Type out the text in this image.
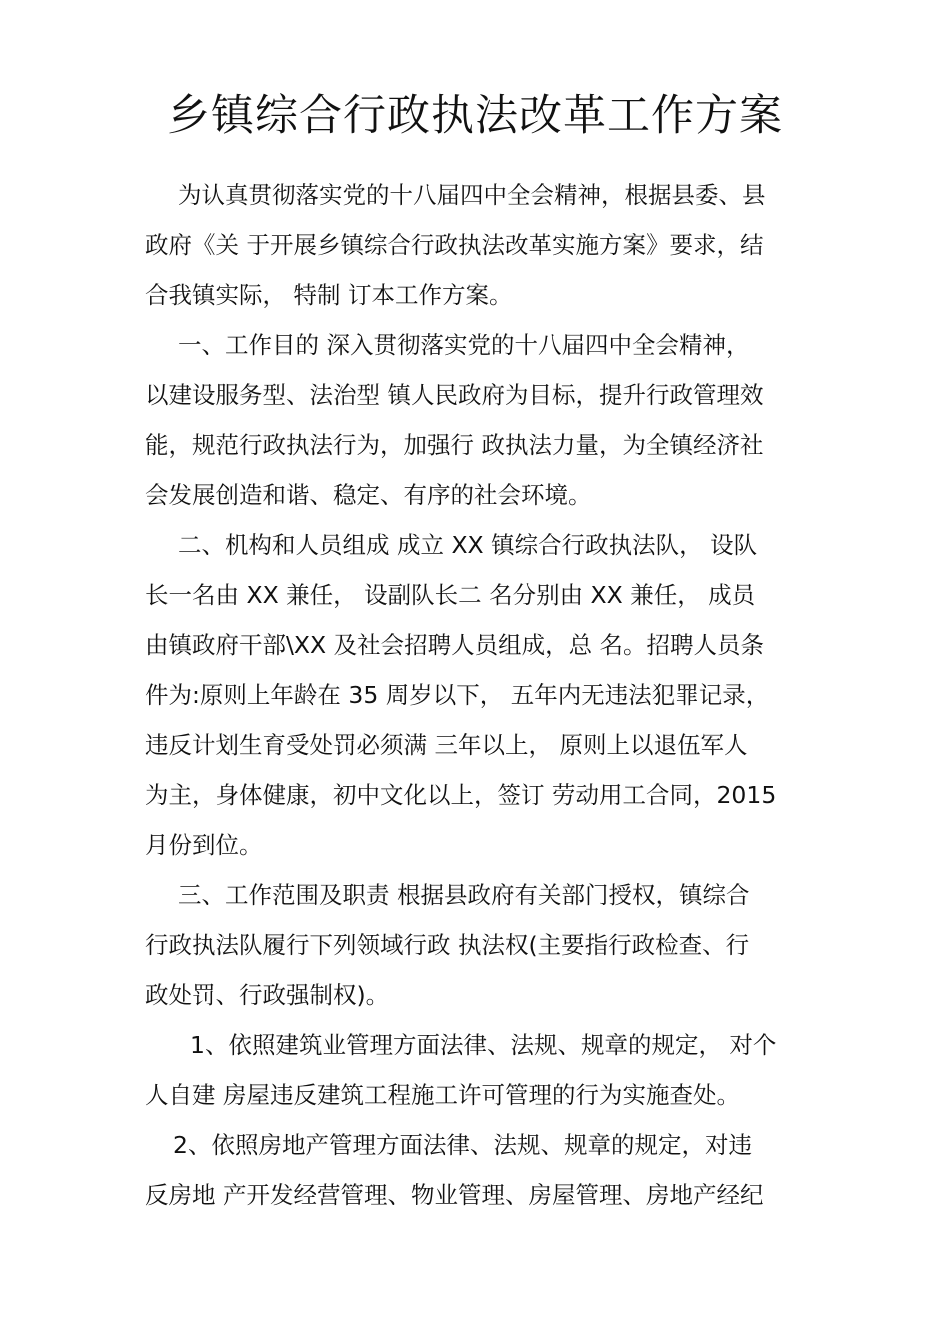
乡镇综合行政执法改革工作方案
为认真贯彻落实党的十八届四中全会精神，根据县委、县
政府《关 于开展乡镇综合行政执法改革实施方案》要求，结
合我镇实际， 特制 订本工作方案。
一、工作目的 深入贯彻落实党的十八届四中全会精神，
以建设服务型、法治型 镇人民政府为目标，提升行政管理效
能，规范行政执法行为，加强行 政执法力量，为全镇经济社
会发展创造和谐、稳定、有序的社会环境。
二、机构和人员组成 成立 XX 镇综合行政执法队， 设队
长一名由 XX 兼任， 设副队长二 名分别由 XX 兼任， 成员
由镇政府干部\XX 及社会招聘人员组成，总 名。招聘人员条
件为:原则上年龄在 35 周岁以下， 五年内无违法犯罪记录，
违反计划生育受处罚必须满 三年以上， 原则上以退伍军人
为主，身体健康，初中文化以上，签订 劳动用工合同，2015
月份到位。
三、工作范围及职责 根据县政府有关部门授权，镇综合
行政执法队履行下列领域行政 执法权(主要指行政检查、行
政处罚、行政强制权)。
1、依照建筑业管理方面法律、法规、规章的规定， 对个
人自建 房屋违反建筑工程施工许可管理的行为实施查处。
2、依照房地产管理方面法律、法规、规章的规定，对违
反房地 产开发经营管理、物业管理、房屋管理、房地产经纪
